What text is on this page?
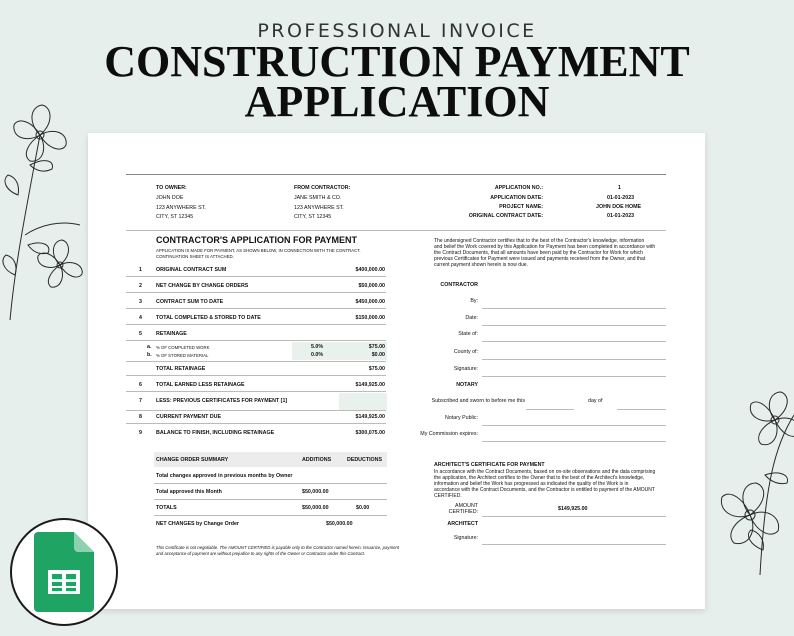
PROFESSIONAL INVOICE
CONSTRUCTION PAYMENT
APPLICATION
TO OWNER:
JOHN DOE
123 ANYWHERE ST.
CITY, ST 12345
FROM CONTRACTOR:
JANE SMITH & CO.
123 ANYWHERE ST.
CITY, ST 12345
APPLICATION NO.:	1
APPLICATION DATE:	01-01-2023
PROJECT NAME:	JOHN DOE HOME
ORIGINAL CONTRACT DATE:	01-01-2023
CONTRACTOR'S APPLICATION FOR PAYMENT
APPLICATION IS MADE FOR PAYMENT, AS SHOWN BELOW, IN CONNECTION WITH THE CONTRACT.
CONTINUATION SHEET IS ATTACHED.
1	ORIGINAL CONTRACT SUM	$400,000.00
2	NET CHANGE BY CHANGE ORDERS	$50,000.00
3	CONTRACT SUM TO DATE	$450,000.00
4	TOTAL COMPLETED & STORED TO DATE	$150,000.00
5	RETAINAGE
a. % OF COMPLETED WORK	5.0%	$75.00
b. % OF STORED MATERIAL	0.0%	$0.00
TOTAL RETAINAGE	$75.00
6	TOTAL EARNED LESS RETAINAGE	$149,925.00
7	LESS: PREVIOUS CERTIFICATES FOR PAYMENT [1]
8	CURRENT PAYMENT DUE	$149,925.00
9	BALANCE TO FINISH, INCLUDING RETAINAGE	$300,075.00
CHANGE ORDER SUMMARY	ADDITIONS	DEDUCTIONS
Total changes approved in previous months by Owner
Total approved this Month	$50,000.00
TOTALS	$50,000.00	$0.00
NET CHANGES by Change Order	$50,000.00
This Certificate is not negotiable. The AMOUNT CERTIFIED is payable only to the Contractor named herein. Issuance, payment
and acceptance of payment are without prejudice to any rights of the Owner or Contractor under this Contract.
The undersigned Contractor certifies that to the best of the Contractor's knowledge, information
and belief the Work covered by this Application for Payment has been completed in accordance with
the Contract Documents, that all amounts have been paid by the Contractor for Work for which
previous Certificates for Payment were issued and payments received from the Owner, and that
current payment shown herein is now due.
CONTRACTOR
By:
Date:
State of:
County of:
Signature:
NOTARY
Subscribed and sworn to before me this	day of
Notary Public:
My Commission expires:
ARCHITECT'S CERTIFICATE FOR PAYMENT
In accordance with the Contract Documents, based on on-site observations and the data comprising
the application, the Architect certifies to the Owner that to the best of the Architect's knowledge,
information and belief the Work has progressed as indicated the quality of the Work is in
accordance with the Contract Documents, and the Contractor is entitled to payment of the AMOUNT
CERTIFIED.
AMOUNT
CERTIFIED:	$149,925.00
ARCHITECT
Signature:
